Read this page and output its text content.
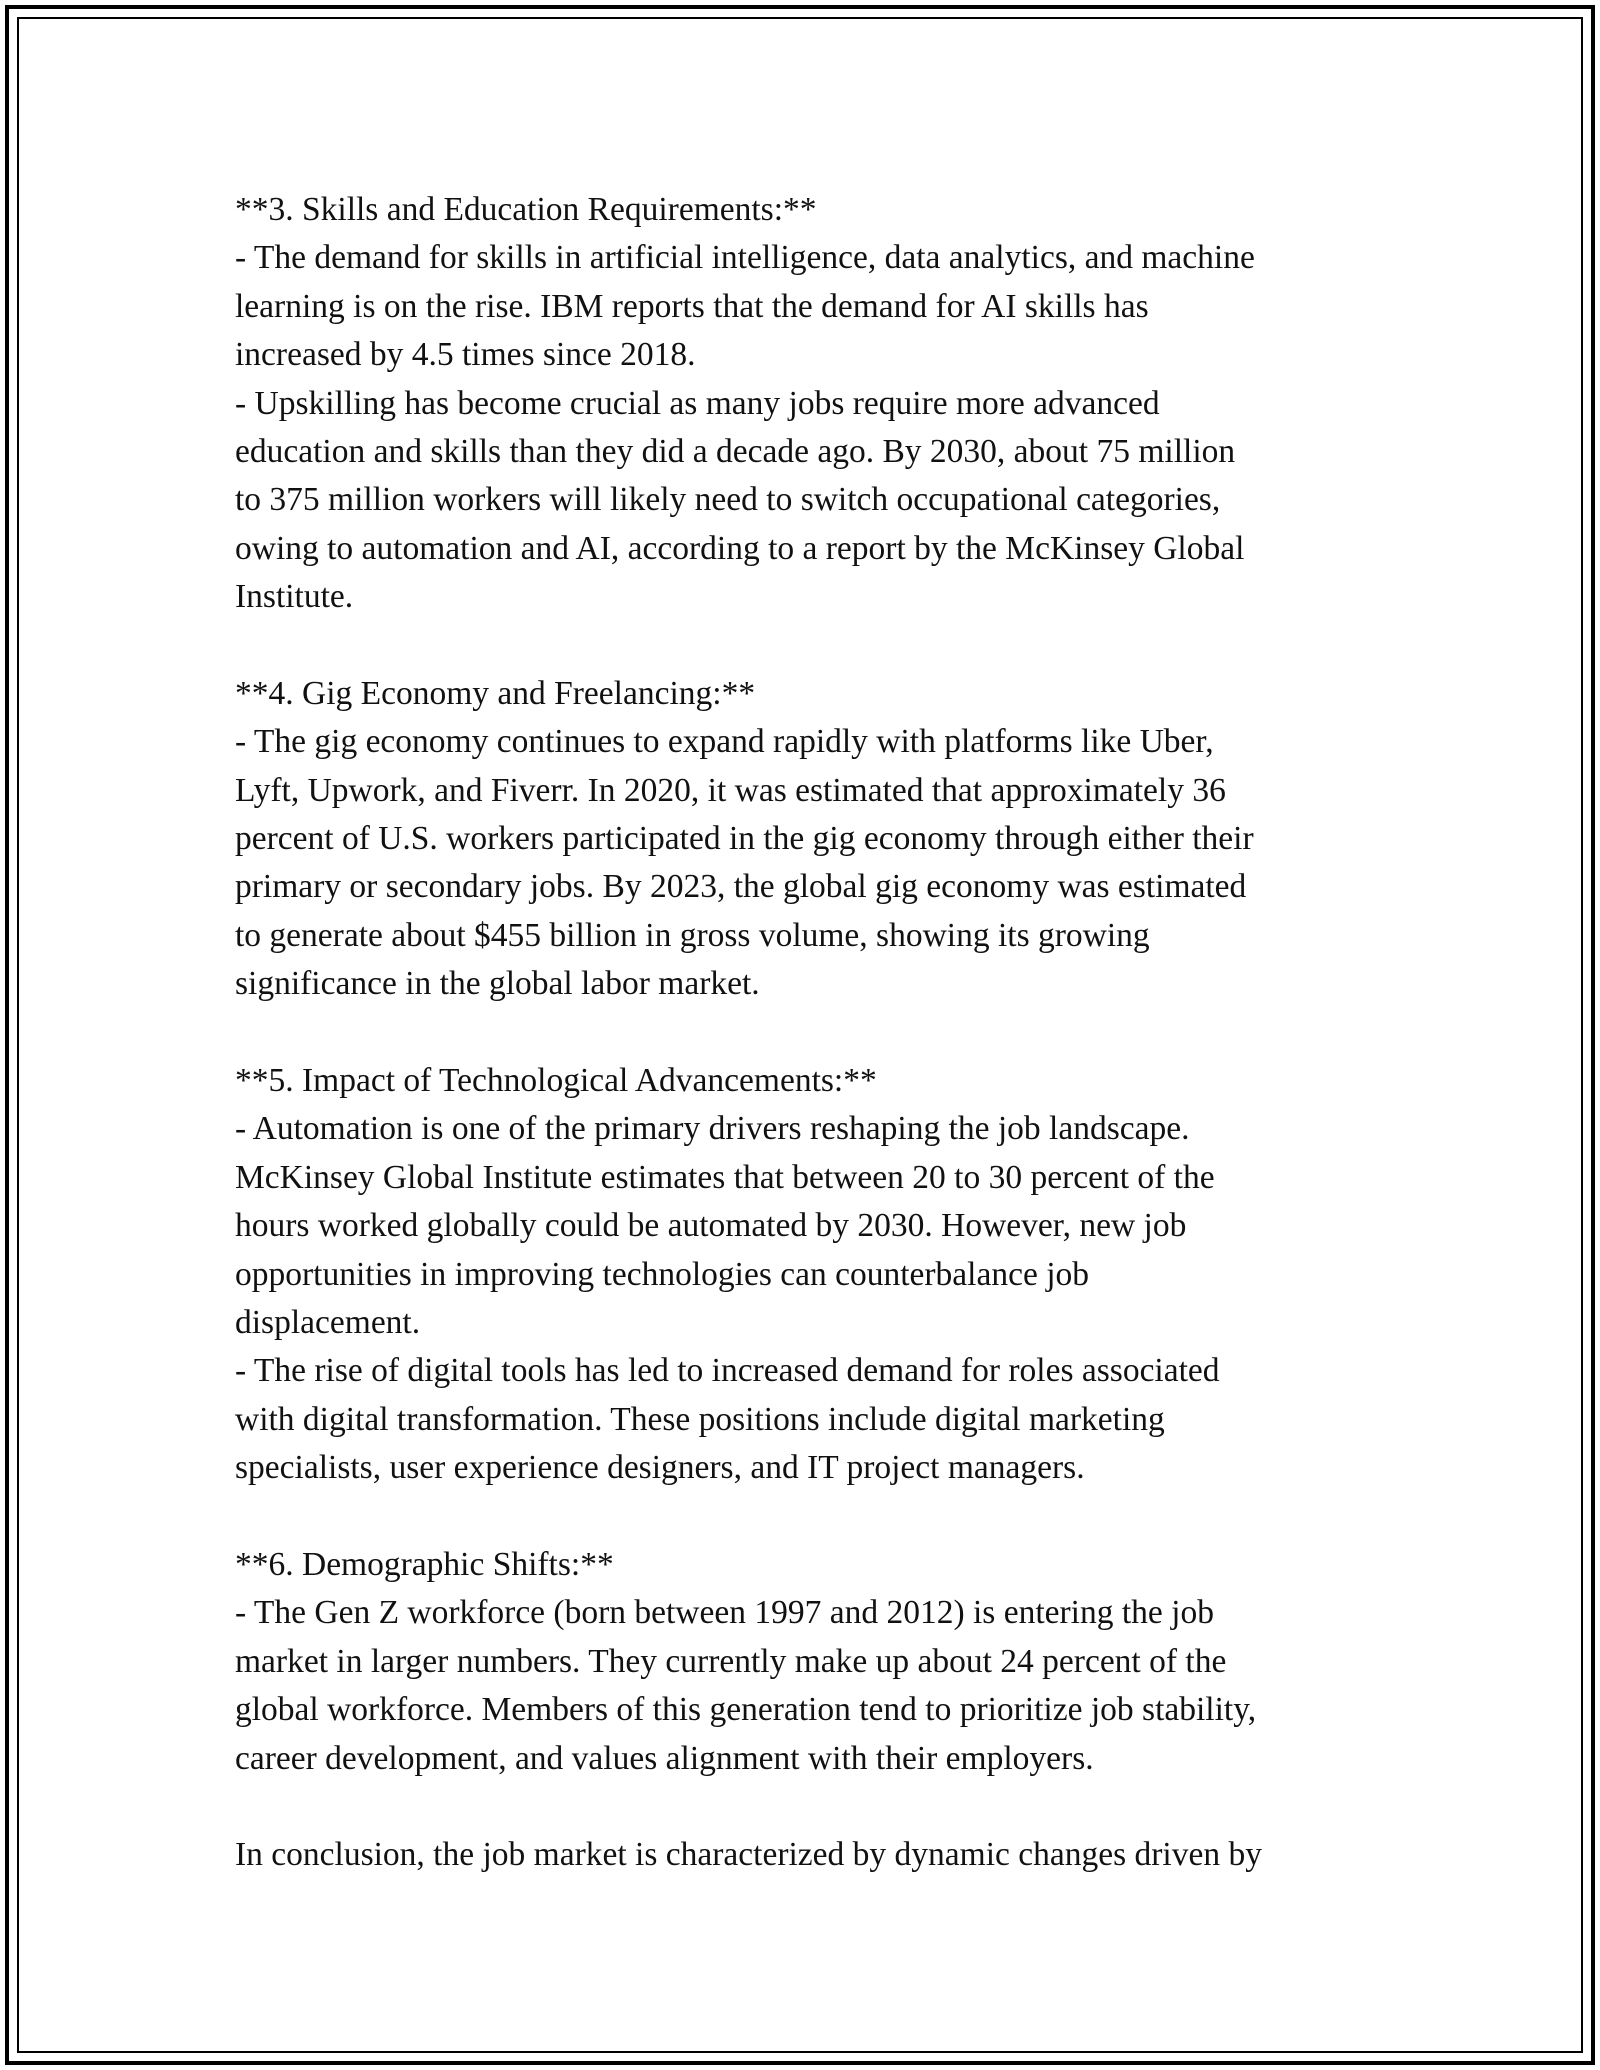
**3. Skills and Education Requirements:**
- The demand for skills in artificial intelligence, data analytics, and machine
learning is on the rise. IBM reports that the demand for AI skills has
increased by 4.5 times since 2018.
- Upskilling has become crucial as many jobs require more advanced
education and skills than they did a decade ago. By 2030, about 75 million
to 375 million workers will likely need to switch occupational categories,
owing to automation and AI, according to a report by the McKinsey Global
Institute.
**4. Gig Economy and Freelancing:**
- The gig economy continues to expand rapidly with platforms like Uber,
Lyft, Upwork, and Fiverr. In 2020, it was estimated that approximately 36
percent of U.S. workers participated in the gig economy through either their
primary or secondary jobs. By 2023, the global gig economy was estimated
to generate about $455 billion in gross volume, showing its growing
significance in the global labor market.
**5. Impact of Technological Advancements:**
- Automation is one of the primary drivers reshaping the job landscape.
McKinsey Global Institute estimates that between 20 to 30 percent of the
hours worked globally could be automated by 2030. However, new job
opportunities in improving technologies can counterbalance job
displacement.
- The rise of digital tools has led to increased demand for roles associated
with digital transformation. These positions include digital marketing
specialists, user experience designers, and IT project managers.
**6. Demographic Shifts:**
- The Gen Z workforce (born between 1997 and 2012) is entering the job
market in larger numbers. They currently make up about 24 percent of the
global workforce. Members of this generation tend to prioritize job stability,
career development, and values alignment with their employers.
In conclusion, the job market is characterized by dynamic changes driven by
